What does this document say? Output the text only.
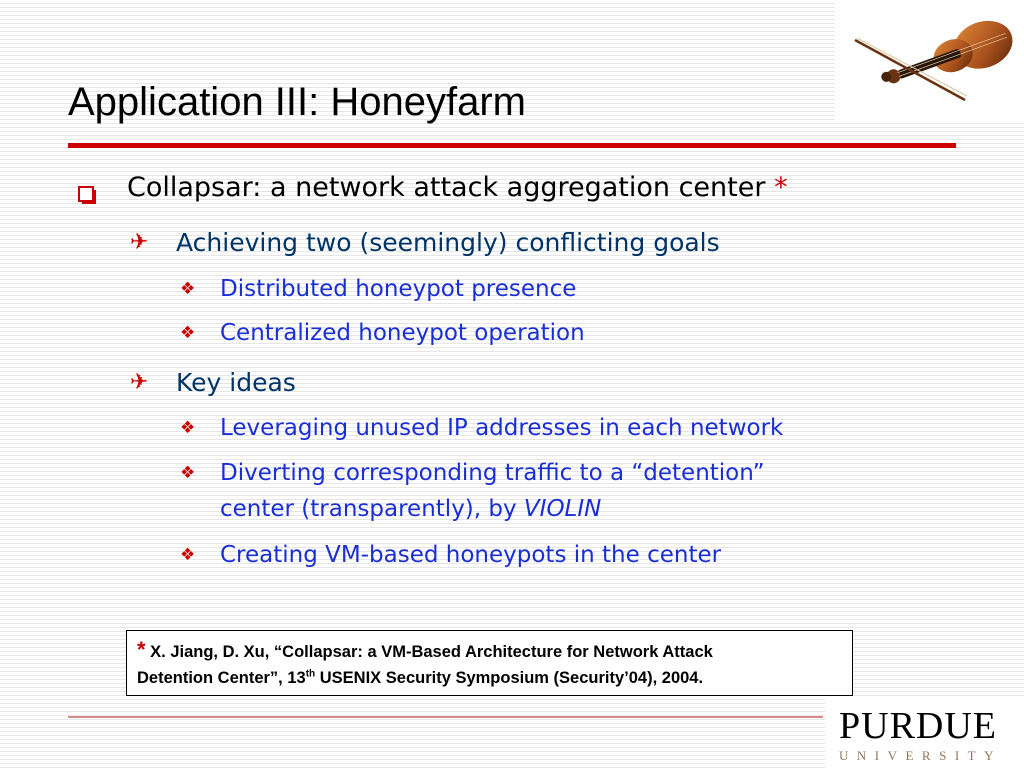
Application III: Honeyfarm
Collapsar: a network attack aggregation center *
✈ Achieving two (seemingly) conflicting goals
❖ Distributed honeypot presence
❖ Centralized honeypot operation
✈ Key ideas
❖ Leveraging unused IP addresses in each network
❖ Diverting corresponding traffic to a “detention”
center (transparently), by VIOLIN
❖ Creating VM-based honeypots in the center
* X. Jiang, D. Xu, “Collapsar: a VM-Based Architecture for Network Attack
Detention Center”, 13th USENIX Security Symposium (Security’04), 2004.
PURDUE
UNIVERSITY
